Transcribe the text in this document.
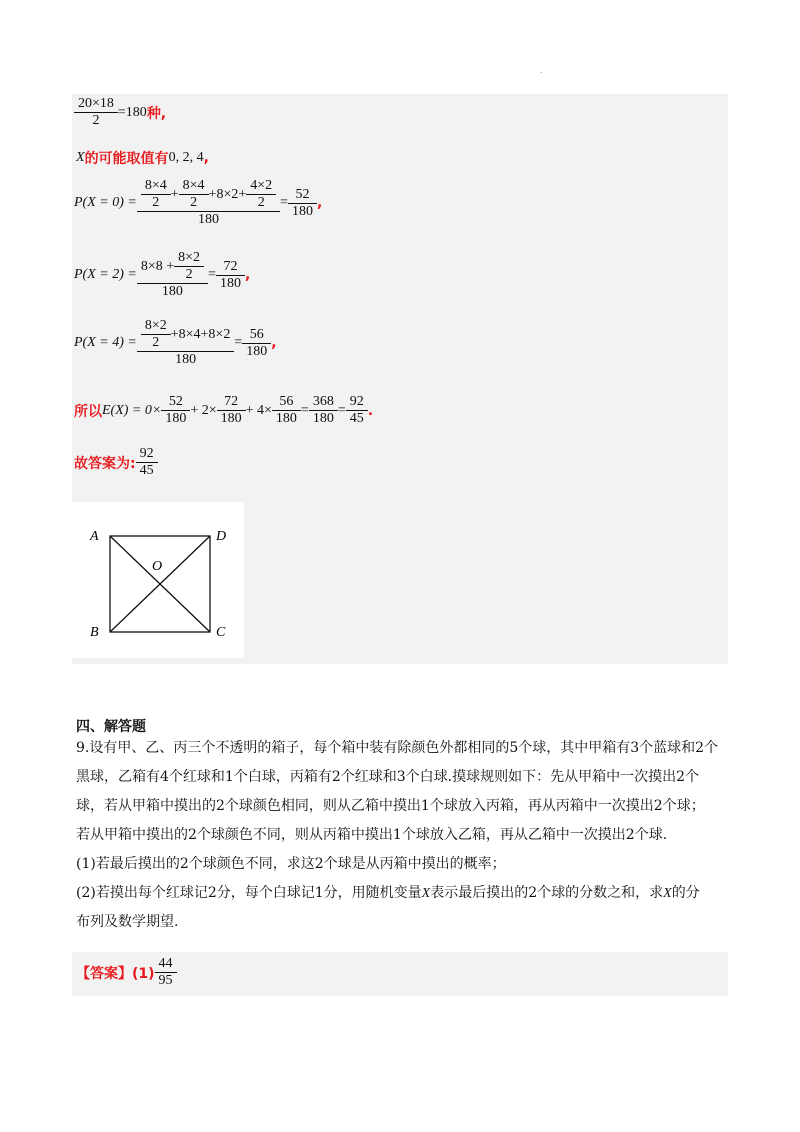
.
$\frac{20\times 18}{2} =180$ 种,
X 的可能取值有 0, 2, 4 ,
$P(X = 0) = \frac{\frac{8\times 4}{2} + \frac{8\times 4}{2} +8\times 2+ \frac{4\times 2}{2}}{180} = \frac{52}{180}$ ,
$P(X = 2) = \frac{8\times 8 + \frac{8\times 2}{2}}{180} = \frac{72}{180}$ ,
$P(X = 4) = \frac{\frac{8\times 2}{2} +8\times 4+8\times 2}{180} = \frac{56}{180}$ ,
所以 $E(X) = 0\times \frac{52}{180} + 2\times \frac{72}{180} + 4\times \frac{56}{180} = \frac{368}{180} = \frac{92}{45}$ .
故答案为: $\frac{92}{45}$
A	D
O
B	C
四、解答题

9.设有甲、乙、丙三个不透明的箱子，每个箱中装有除颜色外都相同的5个球，其中甲箱有3个蓝球和2个

黑球，乙箱有4个红球和1个白球，丙箱有2个红球和3个白球.摸球规则如下：先从甲箱中一次摸出2个

球，若从甲箱中摸出的2个球颜色相同，则从乙箱中摸出1个球放入丙箱，再从丙箱中一次摸出2个球；

若从甲箱中摸出的2个球颜色不同，则从丙箱中摸出1个球放入乙箱，再从乙箱中一次摸出2个球.

(1)若最后摸出的2个球颜色不同，求这2个球是从丙箱中摸出的概率；

(2)若摸出每个红球记2分，每个白球记1分，用随机变量X表示最后摸出的2个球的分数之和，求X的分

布列及数学期望.

【答案】$(1) \frac{44}{95}$
